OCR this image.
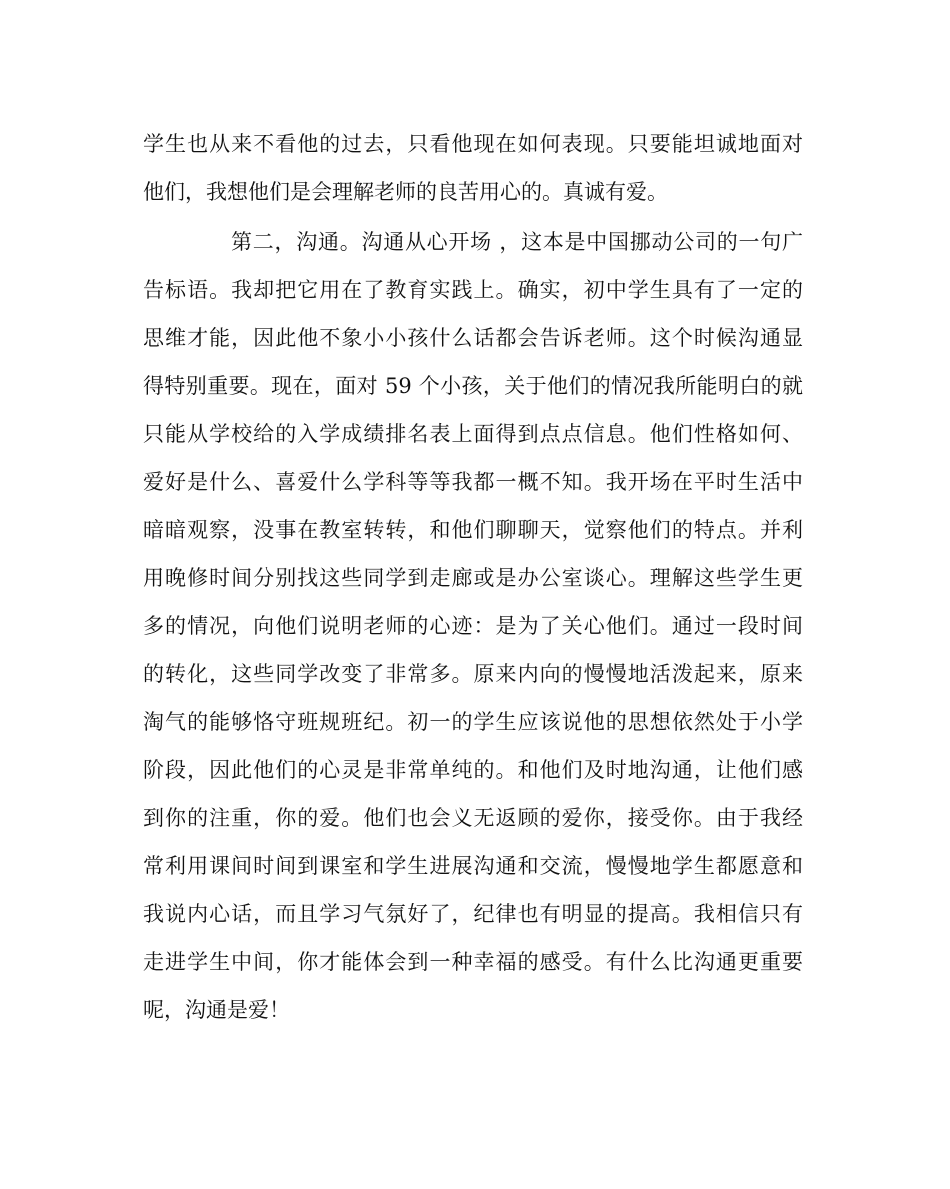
学生也从来不看他的过去，只看他现在如何表现。只要能坦诚地面对
他们，我想他们是会理解老师的良苦用心的。真诚有爱。
第二，沟通。沟通从心开场 ，这本是中国挪动公司的一句广
告标语。我却把它用在了教育实践上。确实，初中学生具有了一定的
思维才能，因此他不象小小孩什么话都会告诉老师。这个时候沟通显
得特别重要。现在，面对 59 个小孩，关于他们的情况我所能明白的就
只能从学校给的入学成绩排名表上面得到点点信息。他们性格如何、
爱好是什么、喜爱什么学科等等我都一概不知。我开场在平时生活中
暗暗观察，没事在教室转转，和他们聊聊天，觉察他们的特点。并利
用晚修时间分别找这些同学到走廊或是办公室谈心。理解这些学生更
多的情况，向他们说明老师的心迹：是为了关心他们。通过一段时间
的转化，这些同学改变了非常多。原来内向的慢慢地活泼起来，原来
淘气的能够恪守班规班纪。初一的学生应该说他的思想依然处于小学
阶段，因此他们的心灵是非常单纯的。和他们及时地沟通，让他们感
到你的注重，你的爱。他们也会义无返顾的爱你，接受你。由于我经
常利用课间时间到课室和学生进展沟通和交流，慢慢地学生都愿意和
我说内心话，而且学习气氛好了，纪律也有明显的提高。我相信只有
走进学生中间，你才能体会到一种幸福的感受。有什么比沟通更重要
呢，沟通是爱！
